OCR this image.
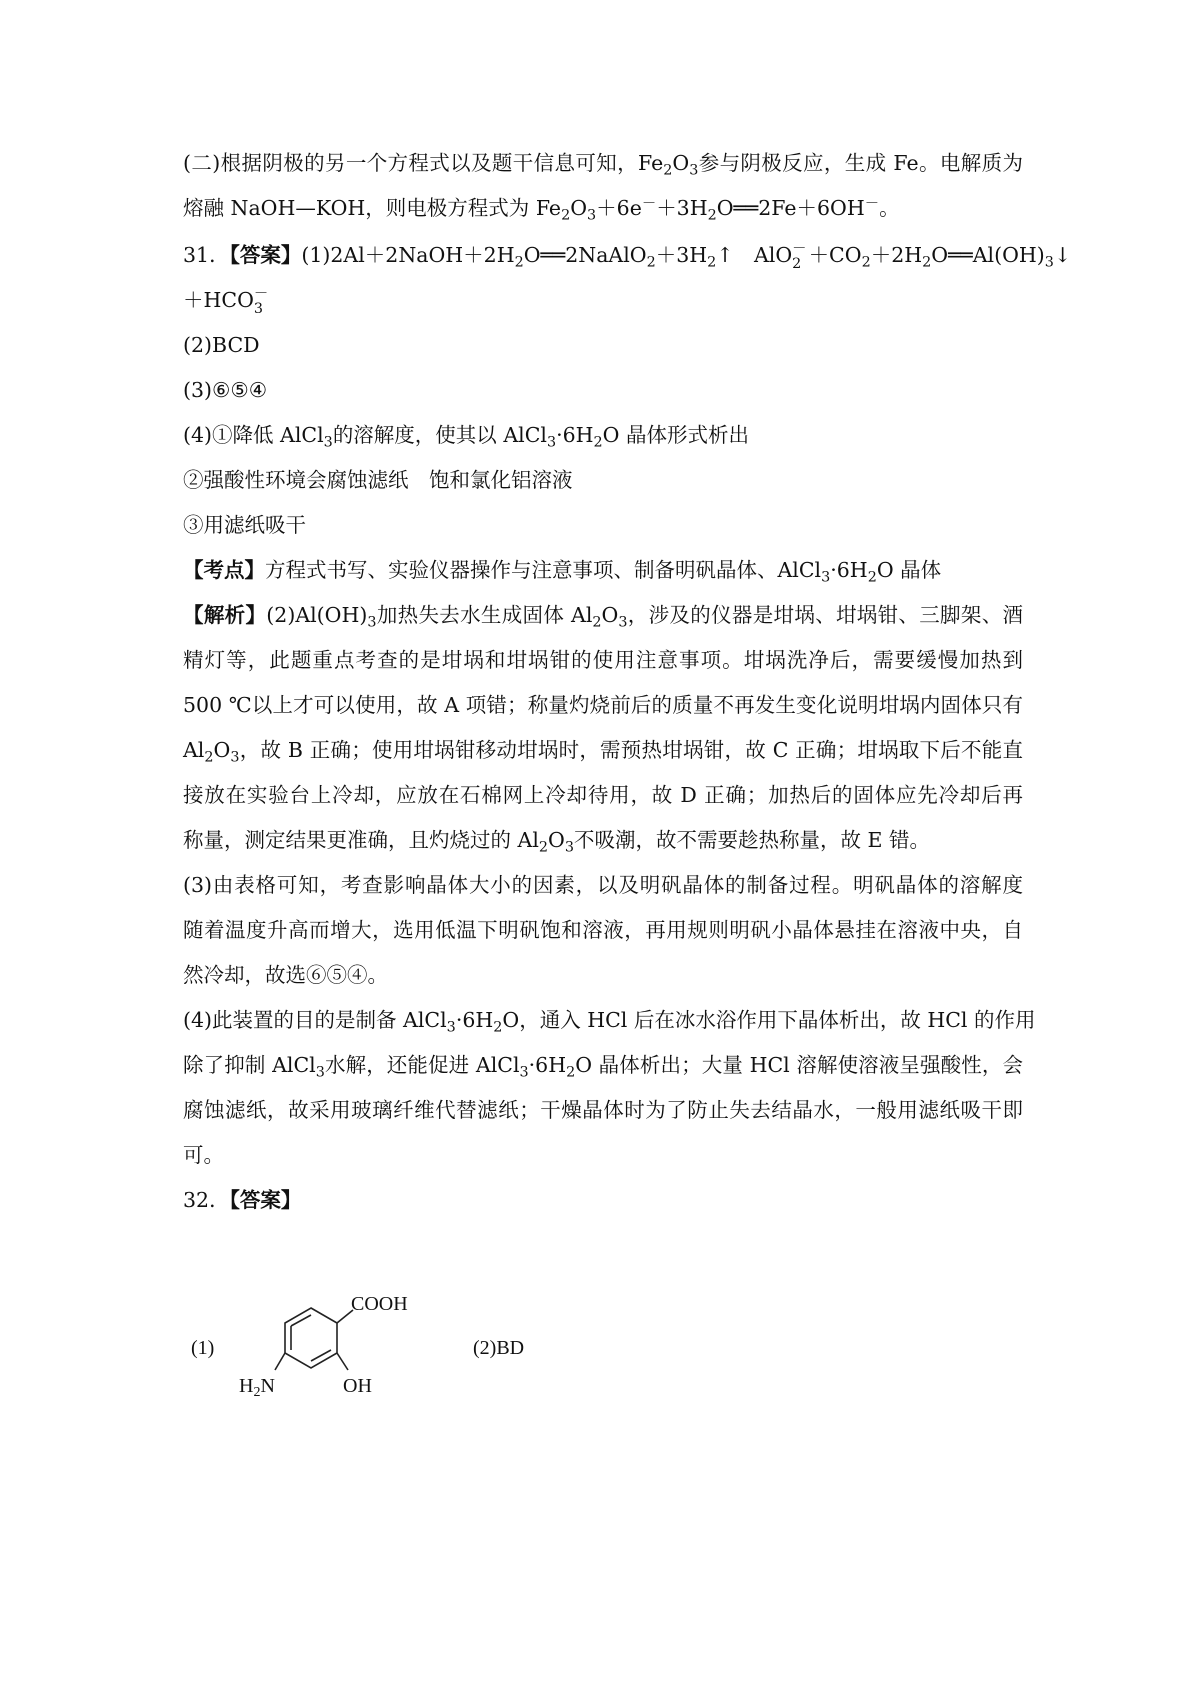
(二)根据阴极的另一个方程式以及题干信息可知，$Fe_2O_3$参与阴极反应，生成 Fe。电解质为
熔融 NaOH—KOH，则电极方程式为 $Fe_2O_3+6e^-+3H_2O══2Fe+6OH^-$。
31．【答案】$(1)2Al+2NaOH+2H_2O══2NaAlO_2+3H_2↑$　AlO －
$2 +CO_2+2H_2O══Al(OH)_3↓$
＋HCO －
3
(2)BCD
(3)⑥⑤④
(4)①降低 AlCl$_3$的溶解度，使其以 $AlCl_3\cdot 6H_2O$ 晶体形式析出
②强酸性环境会腐蚀滤纸　饱和氯化铝溶液
③用滤纸吸干
【考点】方程式书写、实验仪器操作与注意事项、制备明矾晶体、$AlCl_3\cdot 6H_2O$ 晶体
【解析】$(2)Al(OH)_3$加热失去水生成固体 $Al_2O_3$，涉及的仪器是坩埚、坩埚钳、三脚架、酒
精灯等，此题重点考查的是坩埚和坩埚钳的使用注意事项。坩埚洗净后，需要缓慢加热到
500 ℃以上才可以使用，故 A 项错；称量灼烧前后的质量不再发生变化说明坩埚内固体只有
$Al_2O_3$，故 B 正确；使用坩埚钳移动坩埚时，需预热坩埚钳，故 C 正确；坩埚取下后不能直
接放在实验台上冷却，应放在石棉网上冷却待用，故 D 正确；加热后的固体应先冷却后再
称量，测定结果更准确，且灼烧过的 $Al_2O_3$不吸潮，故不需要趁热称量，故 E 错。
(3)由表格可知，考查影响晶体大小的因素，以及明矾晶体的制备过程。明矾晶体的溶解度
随着温度升高而增大，选用低温下明矾饱和溶液，再用规则明矾小晶体悬挂在溶液中央，自
然冷却，故选⑥⑤④。
(4)此装置的目的是制备 $AlCl_3\cdot 6H_2O$，通入 HCl 后在冰水浴作用下晶体析出，故 HCl 的作用
除了抑制 AlCl$_3$水解，还能促进 $AlCl_3\cdot 6H_2O$ 晶体析出；大量 HCl 溶解使溶液呈强酸性，会
腐蚀滤纸，故采用玻璃纤维代替滤纸；干燥晶体时为了防止失去结晶水，一般用滤纸吸干即
可。
32．【答案】
(1)
COOH
OH
$H_2N$
(2)BD
